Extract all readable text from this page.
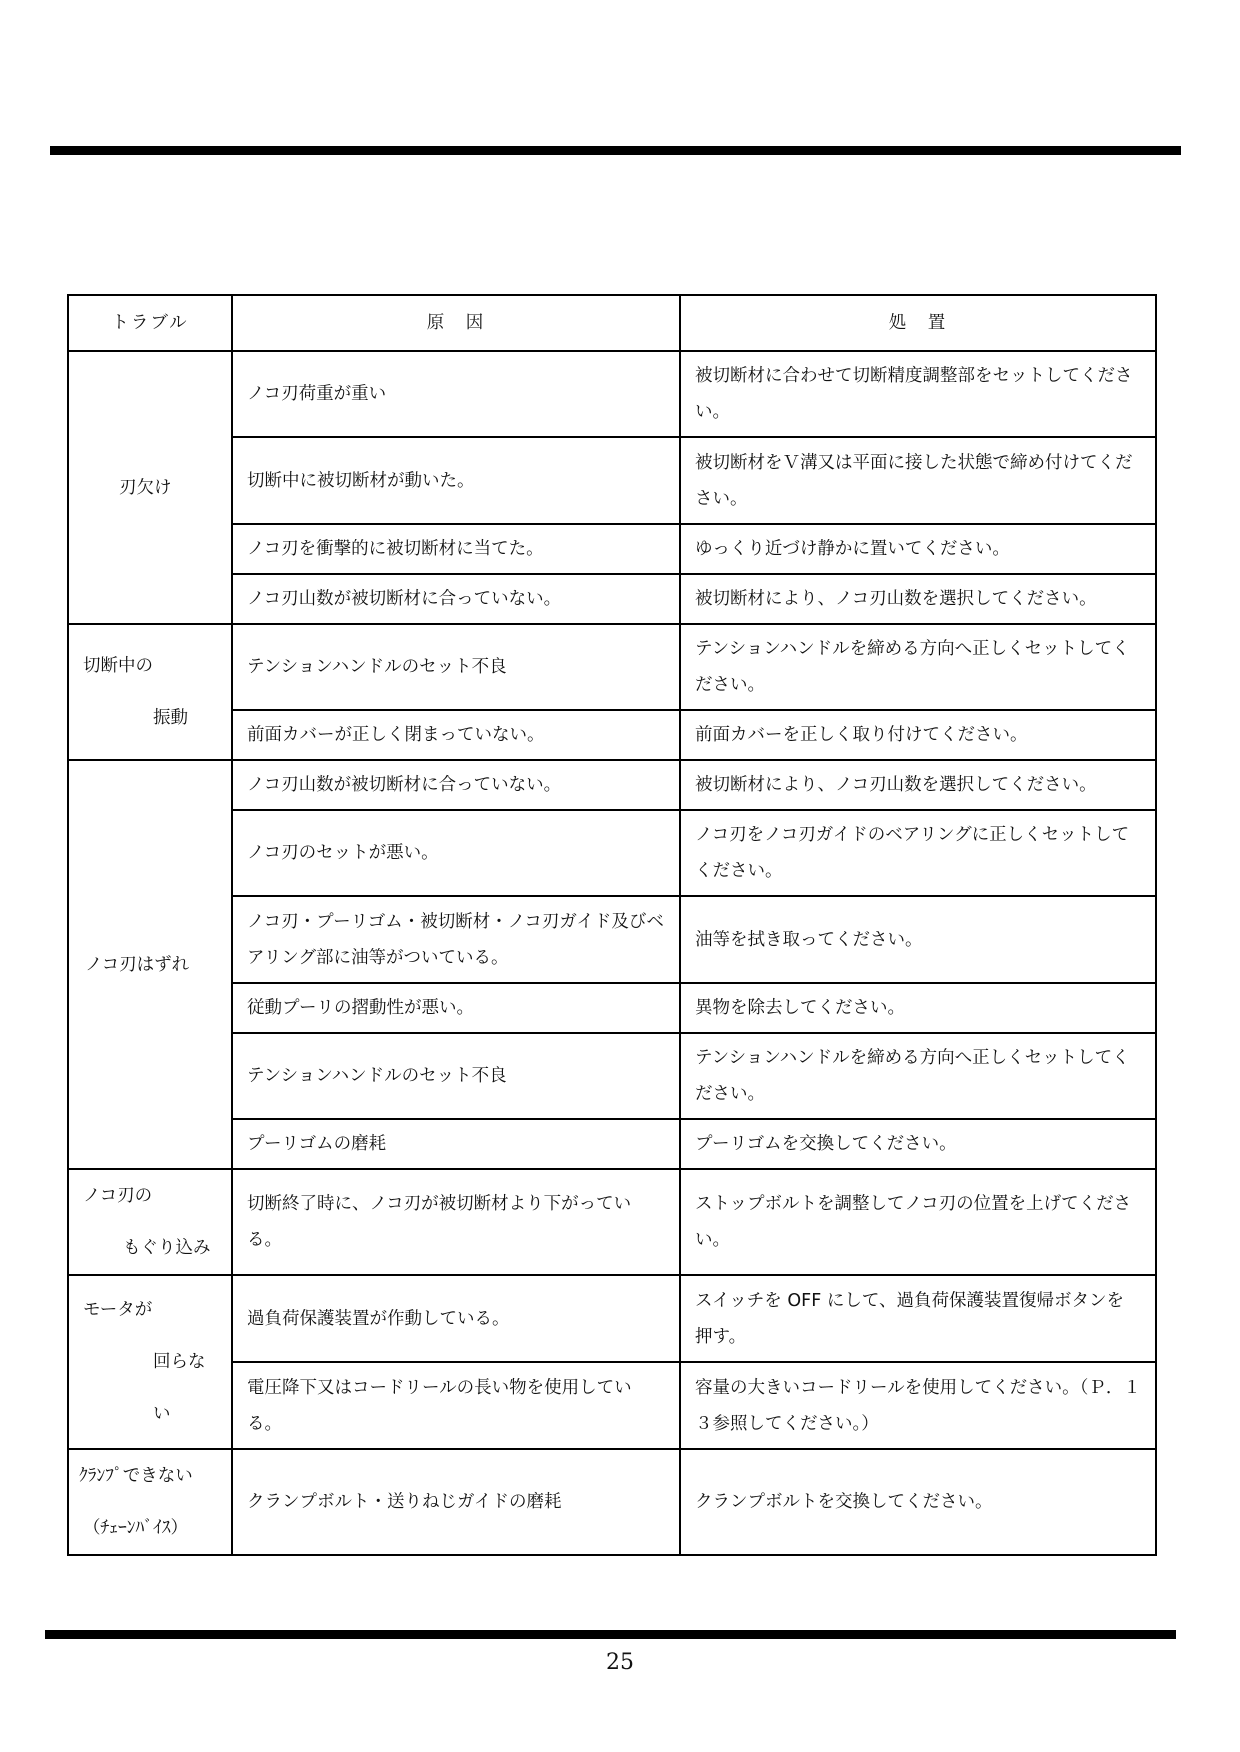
トラブル	原　因	処　置

刃欠け	ノコ刃荷重が重い	被切断材に合わせて切断精度調整部をセットしてください。
	切断中に被切断材が動いた。	被切断材をＶ溝又は平面に接した状態で締め付けてください。
	ノコ刃を衝撃的に被切断材に当てた。	ゆっくり近づけ静かに置いてください。
	ノコ刃山数が被切断材に合っていない。	被切断材により、ノコ刃山数を選択してください。

切断中の
振動	テンションハンドルのセット不良	テンションハンドルを締める方向へ正しくセットしてください。
	前面カバーが正しく閉まっていない。	前面カバーを正しく取り付けてください。

ノコ刃はずれ	ノコ刃山数が被切断材に合っていない。	被切断材により、ノコ刃山数を選択してください。
	ノコ刃のセットが悪い。	ノコ刃をノコ刃ガイドのベアリングに正しくセットしてください。
	ノコ刃・プーリゴム・被切断材・ノコ刃ガイド及びベアリング部に油等がついている。	油等を拭き取ってください。
	従動プーリの摺動性が悪い。	異物を除去してください。
	テンションハンドルのセット不良	テンションハンドルを締める方向へ正しくセットしてください。
	プーリゴムの磨耗	プーリゴムを交換してください。

ノコ刃の
もぐり込み	切断終了時に、ノコ刃が被切断材より下がっている。	ストップボルトを調整してノコ刃の位置を上げてください。

モータが
回らない	過負荷保護装置が作動している。	スイッチを OFF にして、過負荷保護装置復帰ボタンを押す。
	電圧降下又はコードリールの長い物を使用している。	容量の大きいコードリールを使用してください。（Ｐ．１３参照してください。）

ｸﾗﾝﾌﾟできない
（ﾁｪｰﾝﾊﾞｲｽ）	クランプボルト・送りねじガイドの磨耗	クランプボルトを交換してください。
25
